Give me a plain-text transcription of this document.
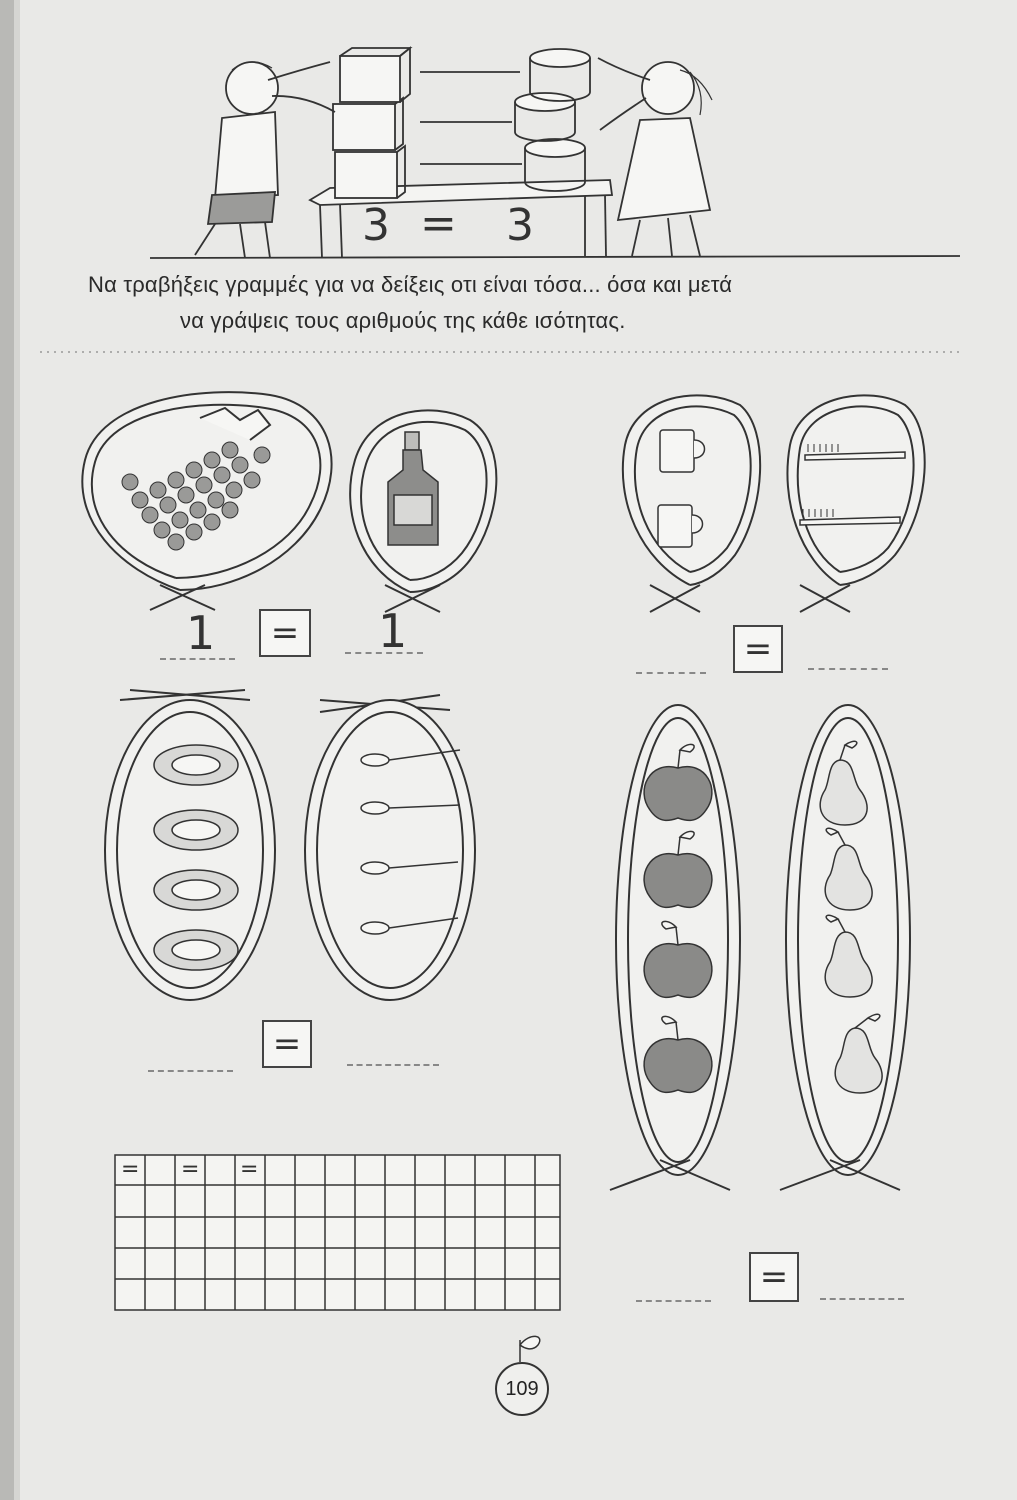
3 = 3
Να τραβήξεις γραμμές για να δείξεις οτι είναι τόσα... όσα και μετά
να γράψεις τους αριθμούς της κάθε ισότητας.
1	= 1	=
=
=
= = =
109
